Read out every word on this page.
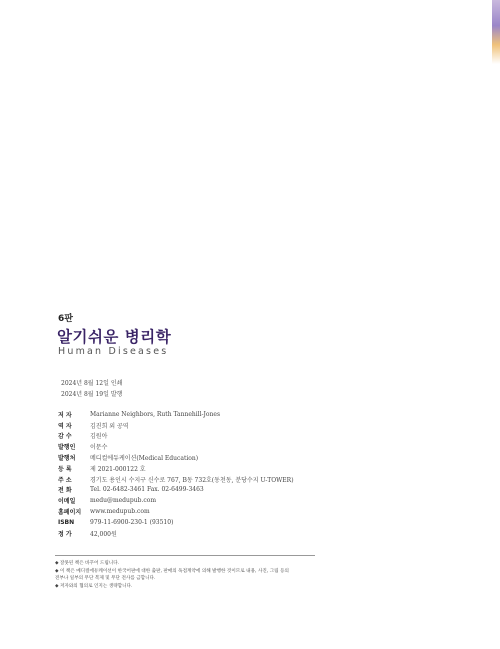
6판
알기쉬운 병리학
Human Diseases
2024년 8월 12일 인쇄
2024년 8월 19일 발행
저 자	Marianne Neighbors, Ruth Tannehill-Jones
역 자	김진희 외 공역
감 수	김원아
발행인	이문수
발행처	메디컬에듀케이션(Medical Education)
등 록	제 2021-000122 호
주 소	경기도 용인시 수지구 신수로 767, B동 732호(동천동, 분당수지 U-TOWER)
전 화	Tel. 02-6482-3461 Fax. 02-6499-3463
이메일	medu@medupub.com
홈페이지	www.medupub.com
ISBN	979-11-6900-230-1 (93510)
정 가	42,000원
◆ 잘못된 책은 바꾸어 드립니다.
◆ 이 책은 메디컬에듀케이션이 한국어판에 대한 출판, 판매의 독점계약에 의해 발행한 것이므로 내용, 사진, 그림 등의
전부나 일부의 무단 복제 및 무단 전사를 금합니다.
◆ 저자와의 협의로 인지는 생략합니다.
